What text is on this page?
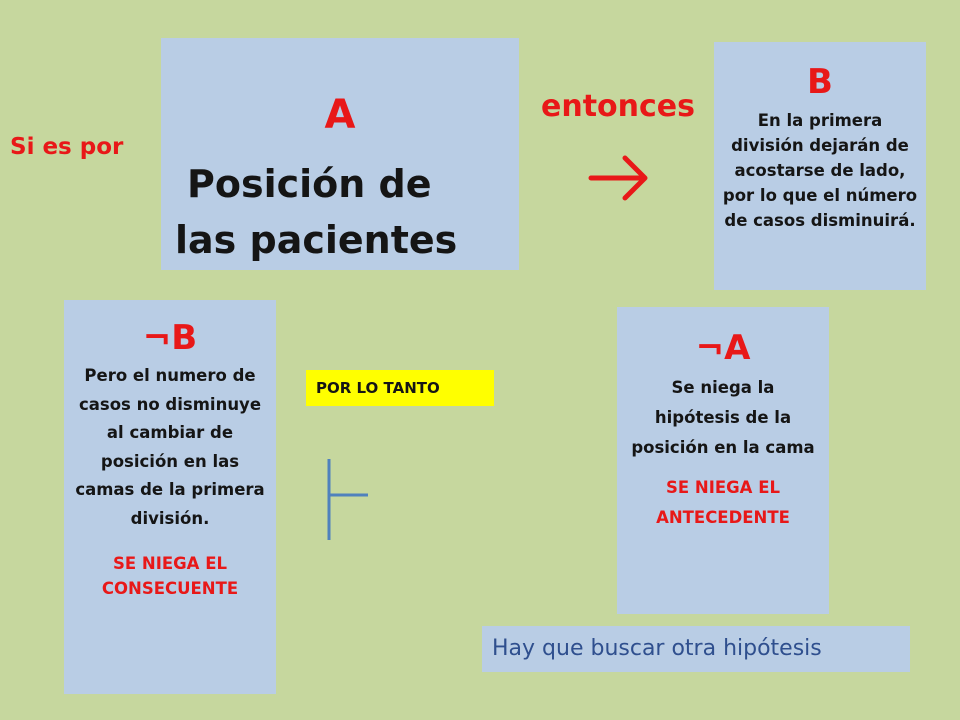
Si es por
A
Posición de las pacientes
entonces
B
En la primera división dejarán de acostarse de lado, por lo que el número de casos disminuirá.
¬B
Pero el numero de casos no disminuye al cambiar de posición en las camas de la primera división.
SE NIEGA EL CONSECUENTE
POR LO TANTO
¬A
Se niega la hipótesis de la posición en la cama
SE NIEGA EL ANTECEDENTE
Hay que buscar otra hipótesis
